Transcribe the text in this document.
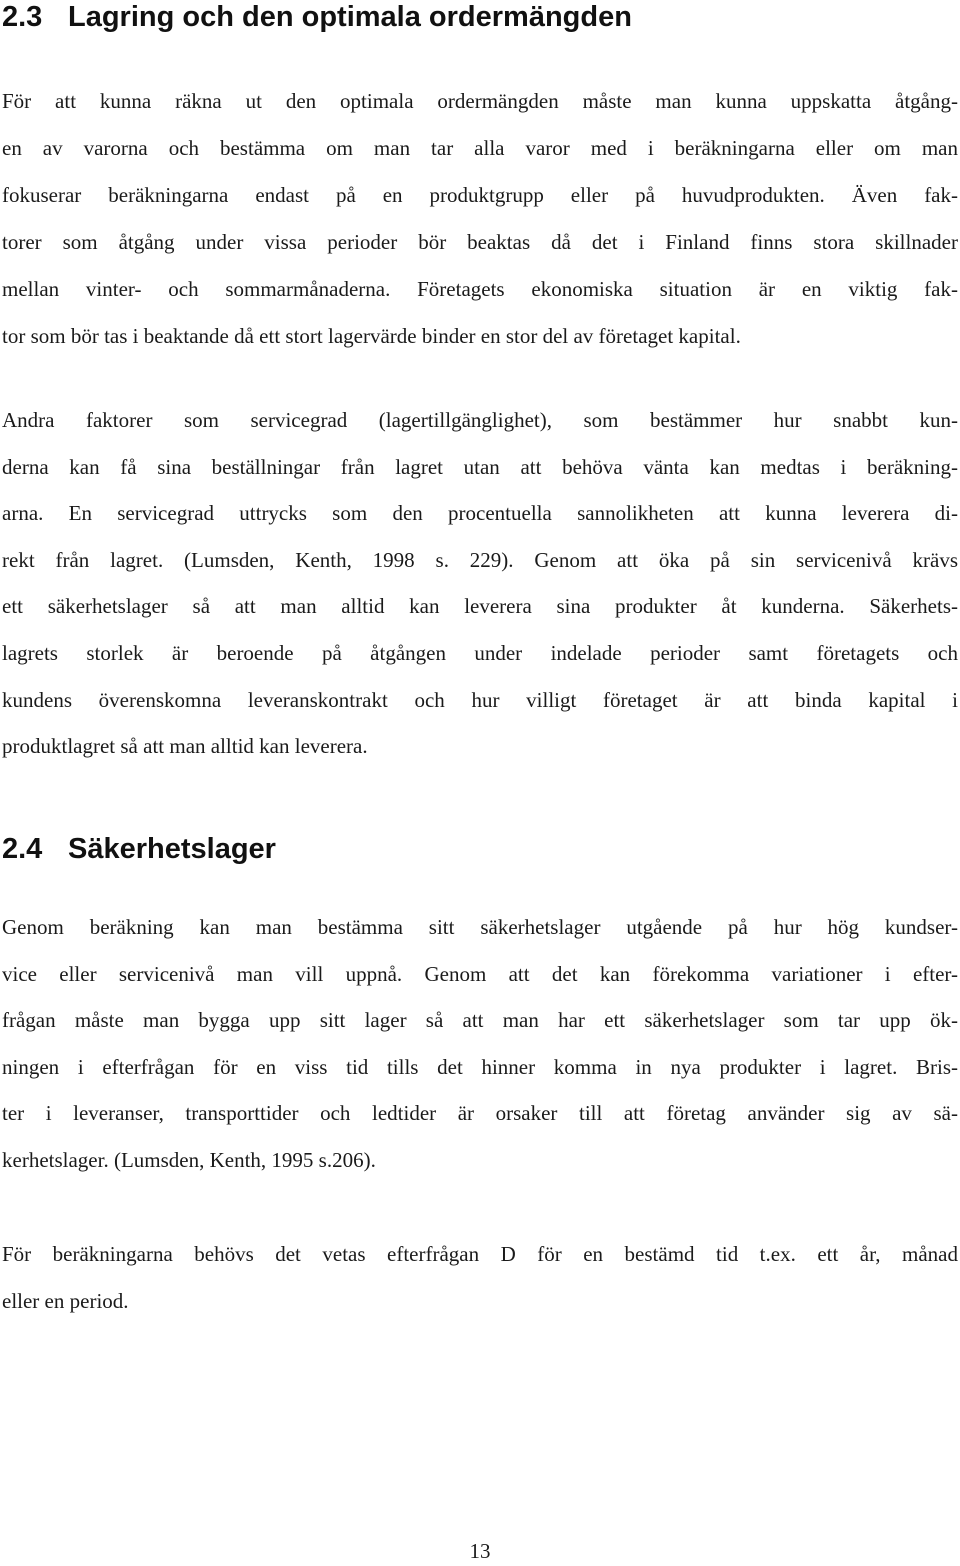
2.3 Lagring och den optimala ordermängden

För att kunna räkna ut den optimala ordermängden måste man kunna uppskatta åtgång-
en av varorna och bestämma om man tar alla varor med i beräkningarna eller om man
fokuserar beräkningarna endast på en produktgrupp eller på huvudprodukten. Även fak-
torer som åtgång under vissa perioder bör beaktas då det i Finland finns stora skillnader
mellan vinter- och sommarmånaderna. Företagets ekonomiska situation är en viktig fak-
tor som bör tas i beaktande då ett stort lagervärde binder en stor del av företaget kapital.

Andra faktorer som servicegrad (lagertillgänglighet), som bestämmer hur snabbt kun-
derna kan få sina beställningar från lagret utan att behöva vänta kan medtas i beräkning-
arna. En servicegrad uttrycks som den procentuella sannolikheten att kunna leverera di-
rekt från lagret. (Lumsden, Kenth, 1998 s. 229). Genom att öka på sin servicenivå krävs
ett säkerhetslager så att man alltid kan leverera sina produkter åt kunderna. Säkerhets-
lagrets storlek är beroende på åtgången under indelade perioder samt företagets och
kundens överenskomna leveranskontrakt och hur villigt företaget är att binda kapital i
produktlagret så att man alltid kan leverera.

2.4 Säkerhetslager

Genom beräkning kan man bestämma sitt säkerhetslager utgående på hur hög kundser-
vice eller servicenivå man vill uppnå. Genom att det kan förekomma variationer i efter-
frågan måste man bygga upp sitt lager så att man har ett säkerhetslager som tar upp ök-
ningen i efterfrågan för en viss tid tills det hinner komma in nya produkter i lagret. Bris-
ter i leveranser, transporttider och ledtider är orsaker till att företag använder sig av sä-
kerhetslager. (Lumsden, Kenth, 1995 s.206).

För beräkningarna behövs det vetas efterfrågan D för en bestämd tid t.ex. ett år, månad
eller en period.

13
